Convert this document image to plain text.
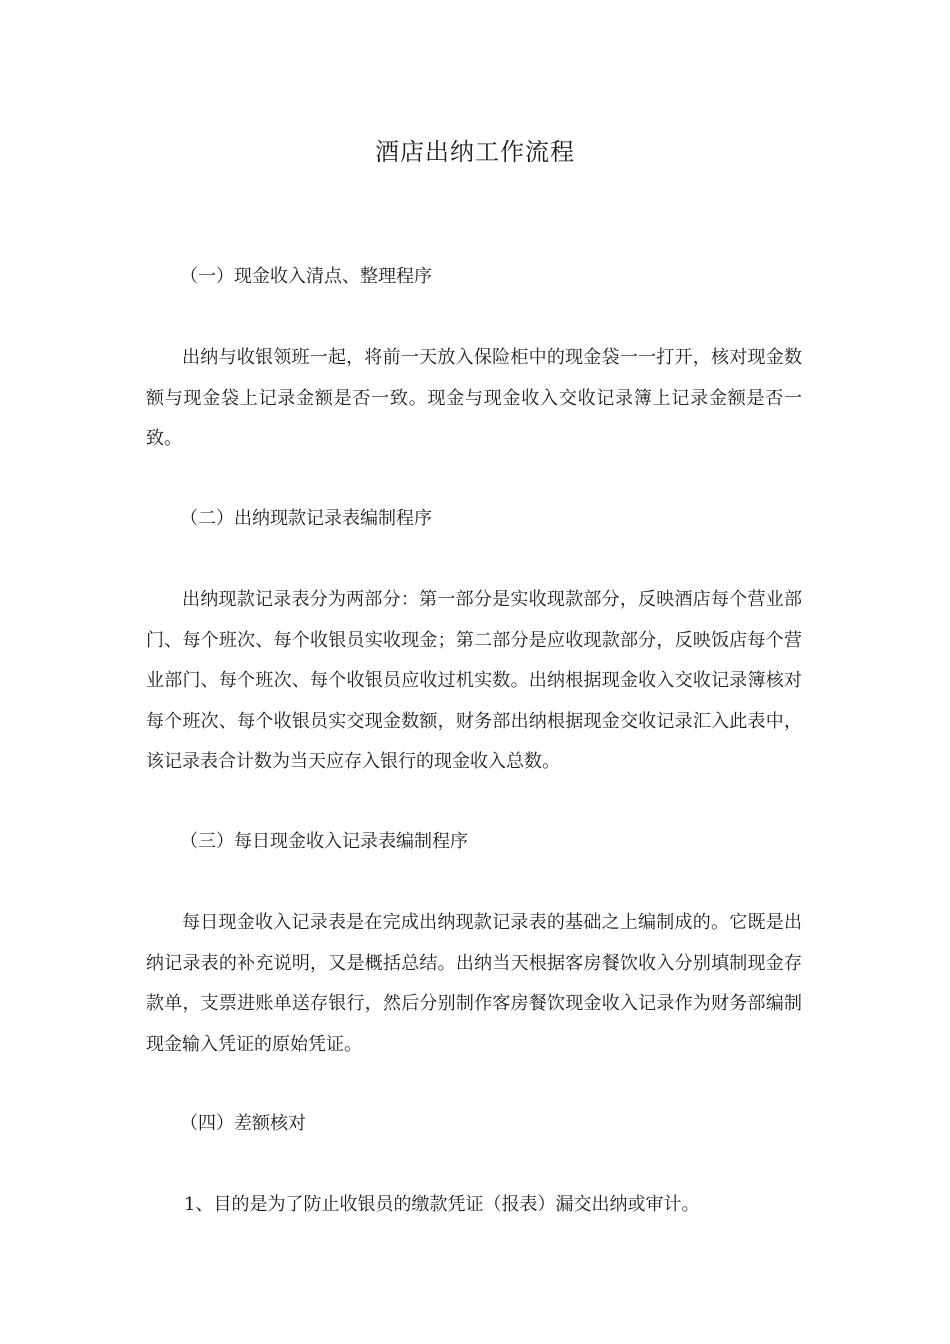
酒店出纳工作流程
（一）现金收入清点、整理程序

出纳与收银领班一起，将前一天放入保险柜中的现金袋一一打开，核对现金数额与现金袋上记录金额是否一致。现金与现金收入交收记录簿上记录金额是否一致。

（二）出纳现款记录表编制程序

出纳现款记录表分为两部分：第一部分是实收现款部分，反映酒店每个营业部门、每个班次、每个收银员实收现金；第二部分是应收现款部分，反映饭店每个营业部门、每个班次、每个收银员应收过机实数。出纳根据现金收入交收记录簿核对每个班次、每个收银员实交现金数额，财务部出纳根据现金交收记录汇入此表中，该记录表合计数为当天应存入银行的现金收入总数。

（三）每日现金收入记录表编制程序

每日现金收入记录表是在完成出纳现款记录表的基础之上编制成的。它既是出纳记录表的补充说明，又是概括总结。出纳当天根据客房餐饮收入分别填制现金存款单，支票进账单送存银行，然后分别制作客房餐饮现金收入记录作为财务部编制现金输入凭证的原始凭证。

（四）差额核对

1、目的是为了防止收银员的缴款凭证（报表）漏交出纳或审计。
